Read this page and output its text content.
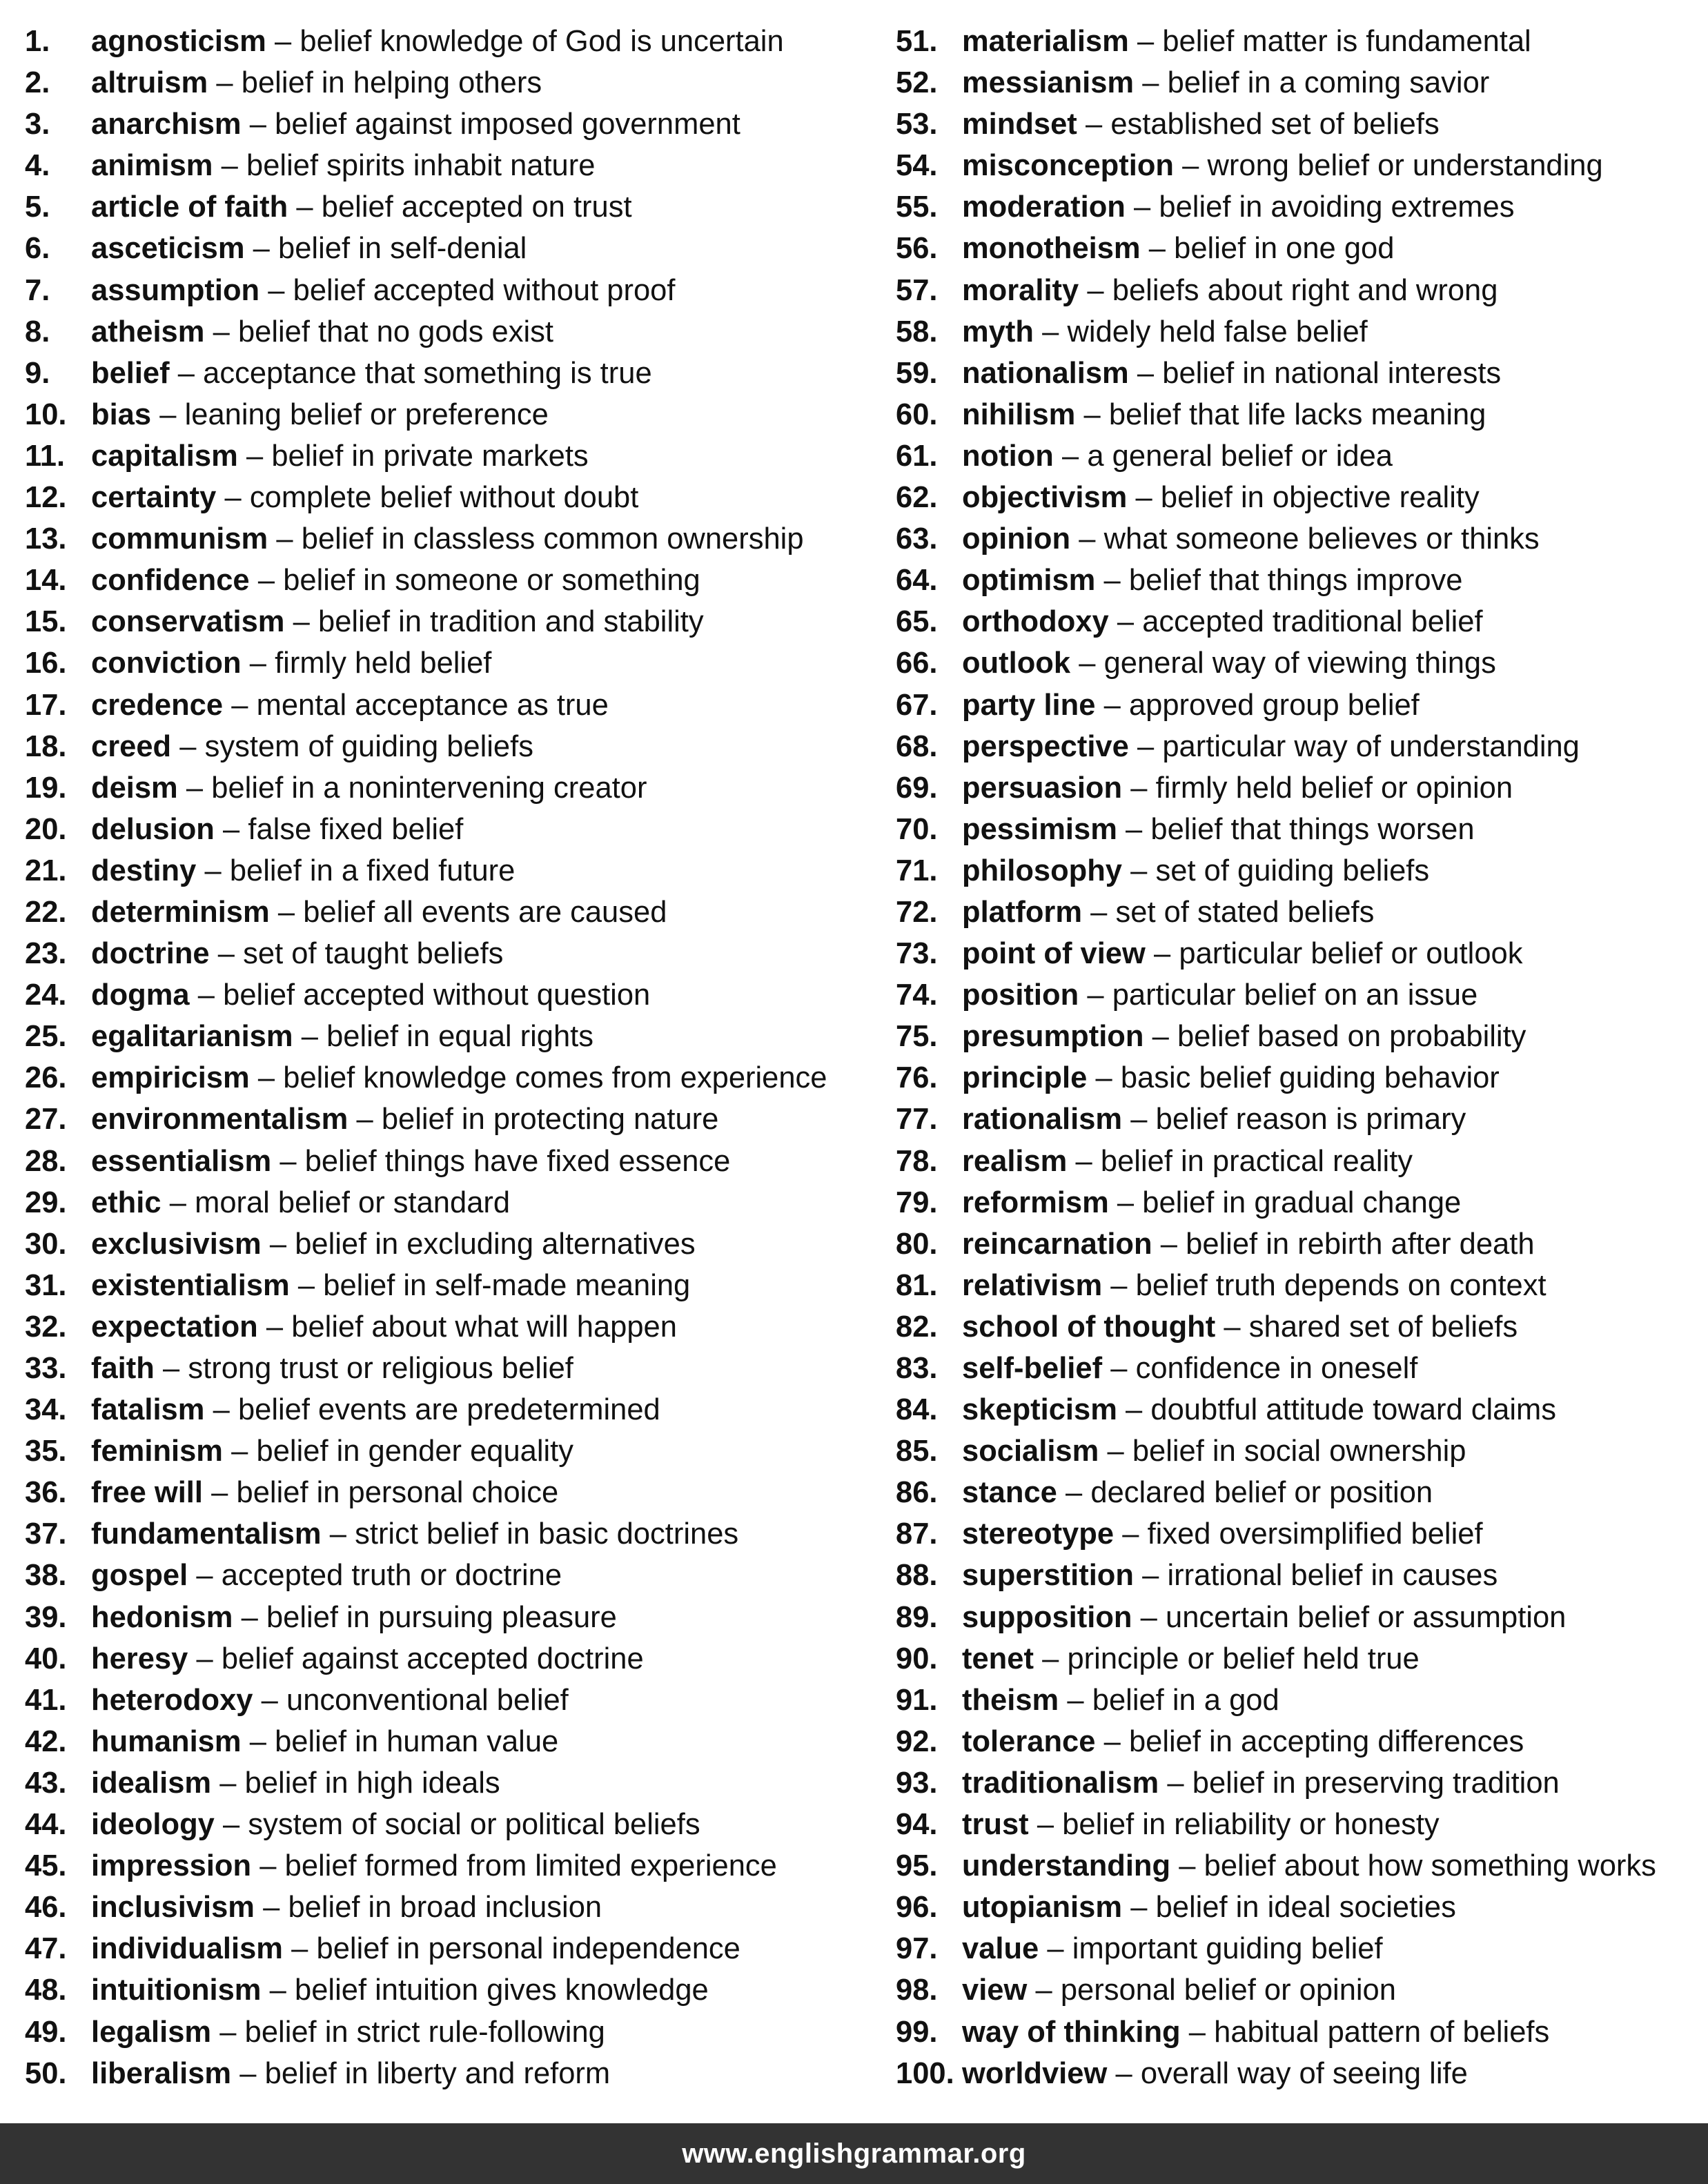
1.	agnosticism – belief knowledge of God is uncertain
2.	altruism – belief in helping others
3.	anarchism – belief against imposed government
4.	animism – belief spirits inhabit nature
5.	article of faith – belief accepted on trust
6.	asceticism – belief in self-denial
7.	assumption – belief accepted without proof
8.	atheism – belief that no gods exist
9.	belief – acceptance that something is true
10. bias – leaning belief or preference
11. capitalism – belief in private markets
12. certainty – complete belief without doubt
13. communism – belief in classless common ownership
14. confidence – belief in someone or something
15. conservatism – belief in tradition and stability
16. conviction – firmly held belief
17. credence – mental acceptance as true
18. creed – system of guiding beliefs
19. deism – belief in a nonintervening creator
20. delusion – false fixed belief
21. destiny – belief in a fixed future
22. determinism – belief all events are caused
23. doctrine – set of taught beliefs
24. dogma – belief accepted without question
25. egalitarianism – belief in equal rights
26. empiricism – belief knowledge comes from experience
27. environmentalism – belief in protecting nature
28. essentialism – belief things have fixed essence
29. ethic – moral belief or standard
30. exclusivism – belief in excluding alternatives
31. existentialism – belief in self-made meaning
32. expectation – belief about what will happen
33. faith – strong trust or religious belief
34. fatalism – belief events are predetermined
35. feminism – belief in gender equality
36. free will – belief in personal choice
37. fundamentalism – strict belief in basic doctrines
38. gospel – accepted truth or doctrine
39. hedonism – belief in pursuing pleasure
40. heresy – belief against accepted doctrine
41. heterodoxy – unconventional belief
42. humanism – belief in human value
43. idealism – belief in high ideals
44. ideology – system of social or political beliefs
45. impression – belief formed from limited experience
46. inclusivism – belief in broad inclusion
47. individualism – belief in personal independence
48. intuitionism – belief intuition gives knowledge
49. legalism – belief in strict rule-following
50. liberalism – belief in liberty and reform
51. materialism – belief matter is fundamental
52. messianism – belief in a coming savior
53. mindset – established set of beliefs
54. misconception – wrong belief or understanding
55. moderation – belief in avoiding extremes
56. monotheism – belief in one god
57. morality – beliefs about right and wrong
58. myth – widely held false belief
59. nationalism – belief in national interests
60. nihilism – belief that life lacks meaning
61. notion – a general belief or idea
62. objectivism – belief in objective reality
63. opinion – what someone believes or thinks
64. optimism – belief that things improve
65. orthodoxy – accepted traditional belief
66. outlook – general way of viewing things
67. party line – approved group belief
68. perspective – particular way of understanding
69. persuasion – firmly held belief or opinion
70. pessimism – belief that things worsen
71. philosophy – set of guiding beliefs
72. platform – set of stated beliefs
73. point of view – particular belief or outlook
74. position – particular belief on an issue
75. presumption – belief based on probability
76. principle – basic belief guiding behavior
77. rationalism – belief reason is primary
78. realism – belief in practical reality
79. reformism – belief in gradual change
80. reincarnation – belief in rebirth after death
81. relativism – belief truth depends on context
82. school of thought – shared set of beliefs
83. self-belief – confidence in oneself
84. skepticism – doubtful attitude toward claims
85. socialism – belief in social ownership
86. stance – declared belief or position
87. stereotype – fixed oversimplified belief
88. superstition – irrational belief in causes
89. supposition – uncertain belief or assumption
90. tenet – principle or belief held true
91. theism – belief in a god
92. tolerance – belief in accepting differences
93. traditionalism – belief in preserving tradition
94. trust – belief in reliability or honesty
95. understanding – belief about how something works
96. utopianism – belief in ideal societies
97. value – important guiding belief
98. view – personal belief or opinion
99. way of thinking – habitual pattern of beliefs
100. worldview – overall way of seeing life
www.englishgrammar.org
